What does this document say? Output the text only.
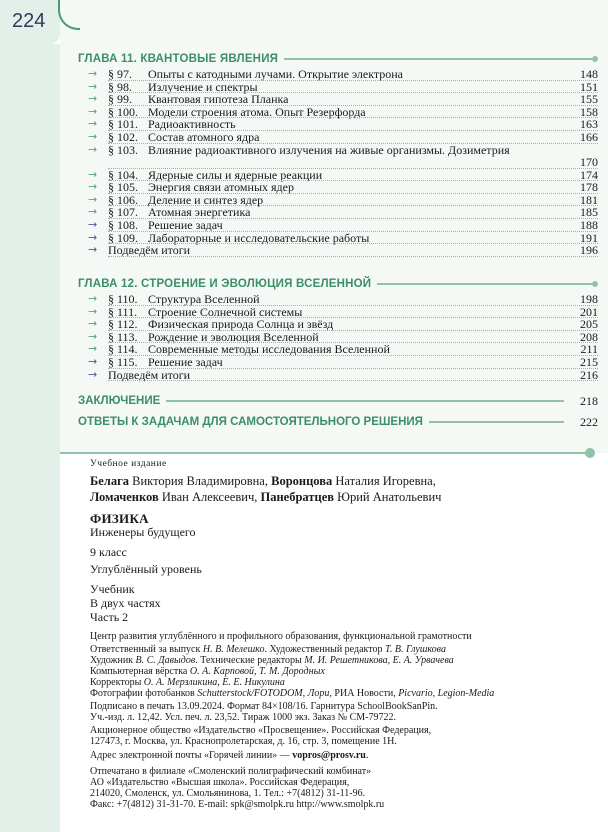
224
ГЛАВА 11. КВАНТОВЫЕ ЯВЛЕНИЯ
→ § 97.	Опыты с катодными лучами. Открытие электрона	148
→ § 98.	Излучение и спектры	151
→ § 99.	Квантовая гипотеза Планка	155
→ § 100. Модели строения атома. Опыт Резерфорда	158
→ § 101. Радиоактивность	163
→ § 102. Состав атомного ядра	166
→ § 103. Влияние радиоактивного излучения на живые организмы. Дозиметрия
170
→ § 104. Ядерные силы и ядерные реакции	174
→ § 105. Энергия связи атомных ядер	178
→ § 106. Деление и синтез ядер	181
→ § 107. Атомная энергетика	185
→ § 108. Решение задач	188
→ § 109. Лабораторные и исследовательские работы	191
→ Подведём итоги	196
ГЛАВА 12. СТРОЕНИЕ И ЭВОЛЮЦИЯ ВСЕЛЕННОЙ
→ § 110. Структура Вселенной	198
→ § 111. Строение Солнечной системы	201
→ § 112. Физическая природа Солнца и звёзд	205
→ § 113. Рождение и эволюция Вселенной	208
→ § 114. Современные методы исследования Вселенной	211
→ § 115. Решение задач	215
→ Подведём итоги	216
ЗАКЛЮЧЕНИЕ	218
ОТВЕТЫ К ЗАДАЧАМ ДЛЯ САМОСТОЯТЕЛЬНОГО РЕШЕНИЯ	222
Учебное издание
Белага Виктория Владимировна, Воронцова Наталия Игоревна,
Ломаченков Иван Алексеевич, Панебратцев Юрий Анатольевич
ФИЗИКА
Инженеры будущего
9 класс
Углублённый уровень
Учебник
В двух частях
Часть 2
Центр развития углублённого и профильного образования, функциональной грамотности
Ответственный за выпуск Н. В. Мелешко. Художественный редактор Т. В. Глушкова
Художник В. С. Давыдов. Технические редакторы М. И. Решетникова, Е. А. Урвачева
Компьютерная вёрстка О. А. Карповой, Т. М. Дородных
Корректоры О. А. Мерзликина, Е. Е. Никулина
Фотографии фотобанков Schutterstock/FOTODOM, Лори, РИА Новости, Picvario, Legion-Media
Подписано в печать 13.09.2024. Формат 84×108/16. Гарнитура SchoolBookSanPin.
Уч.-изд. л. 12,42. Усл. печ. л. 23,52. Тираж 1000 экз. Заказ № СМ-79722.
Акционерное общество «Издательство «Просвещение». Российская Федерация,
127473, г. Москва, ул. Краснопролетарская, д. 16, стр. 3, помещение 1Н.
Адрес электронной почты «Горячей линии» — vopros@prosv.ru.
Отпечатано в филиале «Смоленский полиграфический комбинат»
АО «Издательство «Высшая школа». Российская Федерация,
214020, Смоленск, ул. Смольянинова, 1. Тел.: +7(4812) 31-11-96.
Факс: +7(4812) 31-31-70. E-mail: spk@smolpk.ru http://www.smolpk.ru
